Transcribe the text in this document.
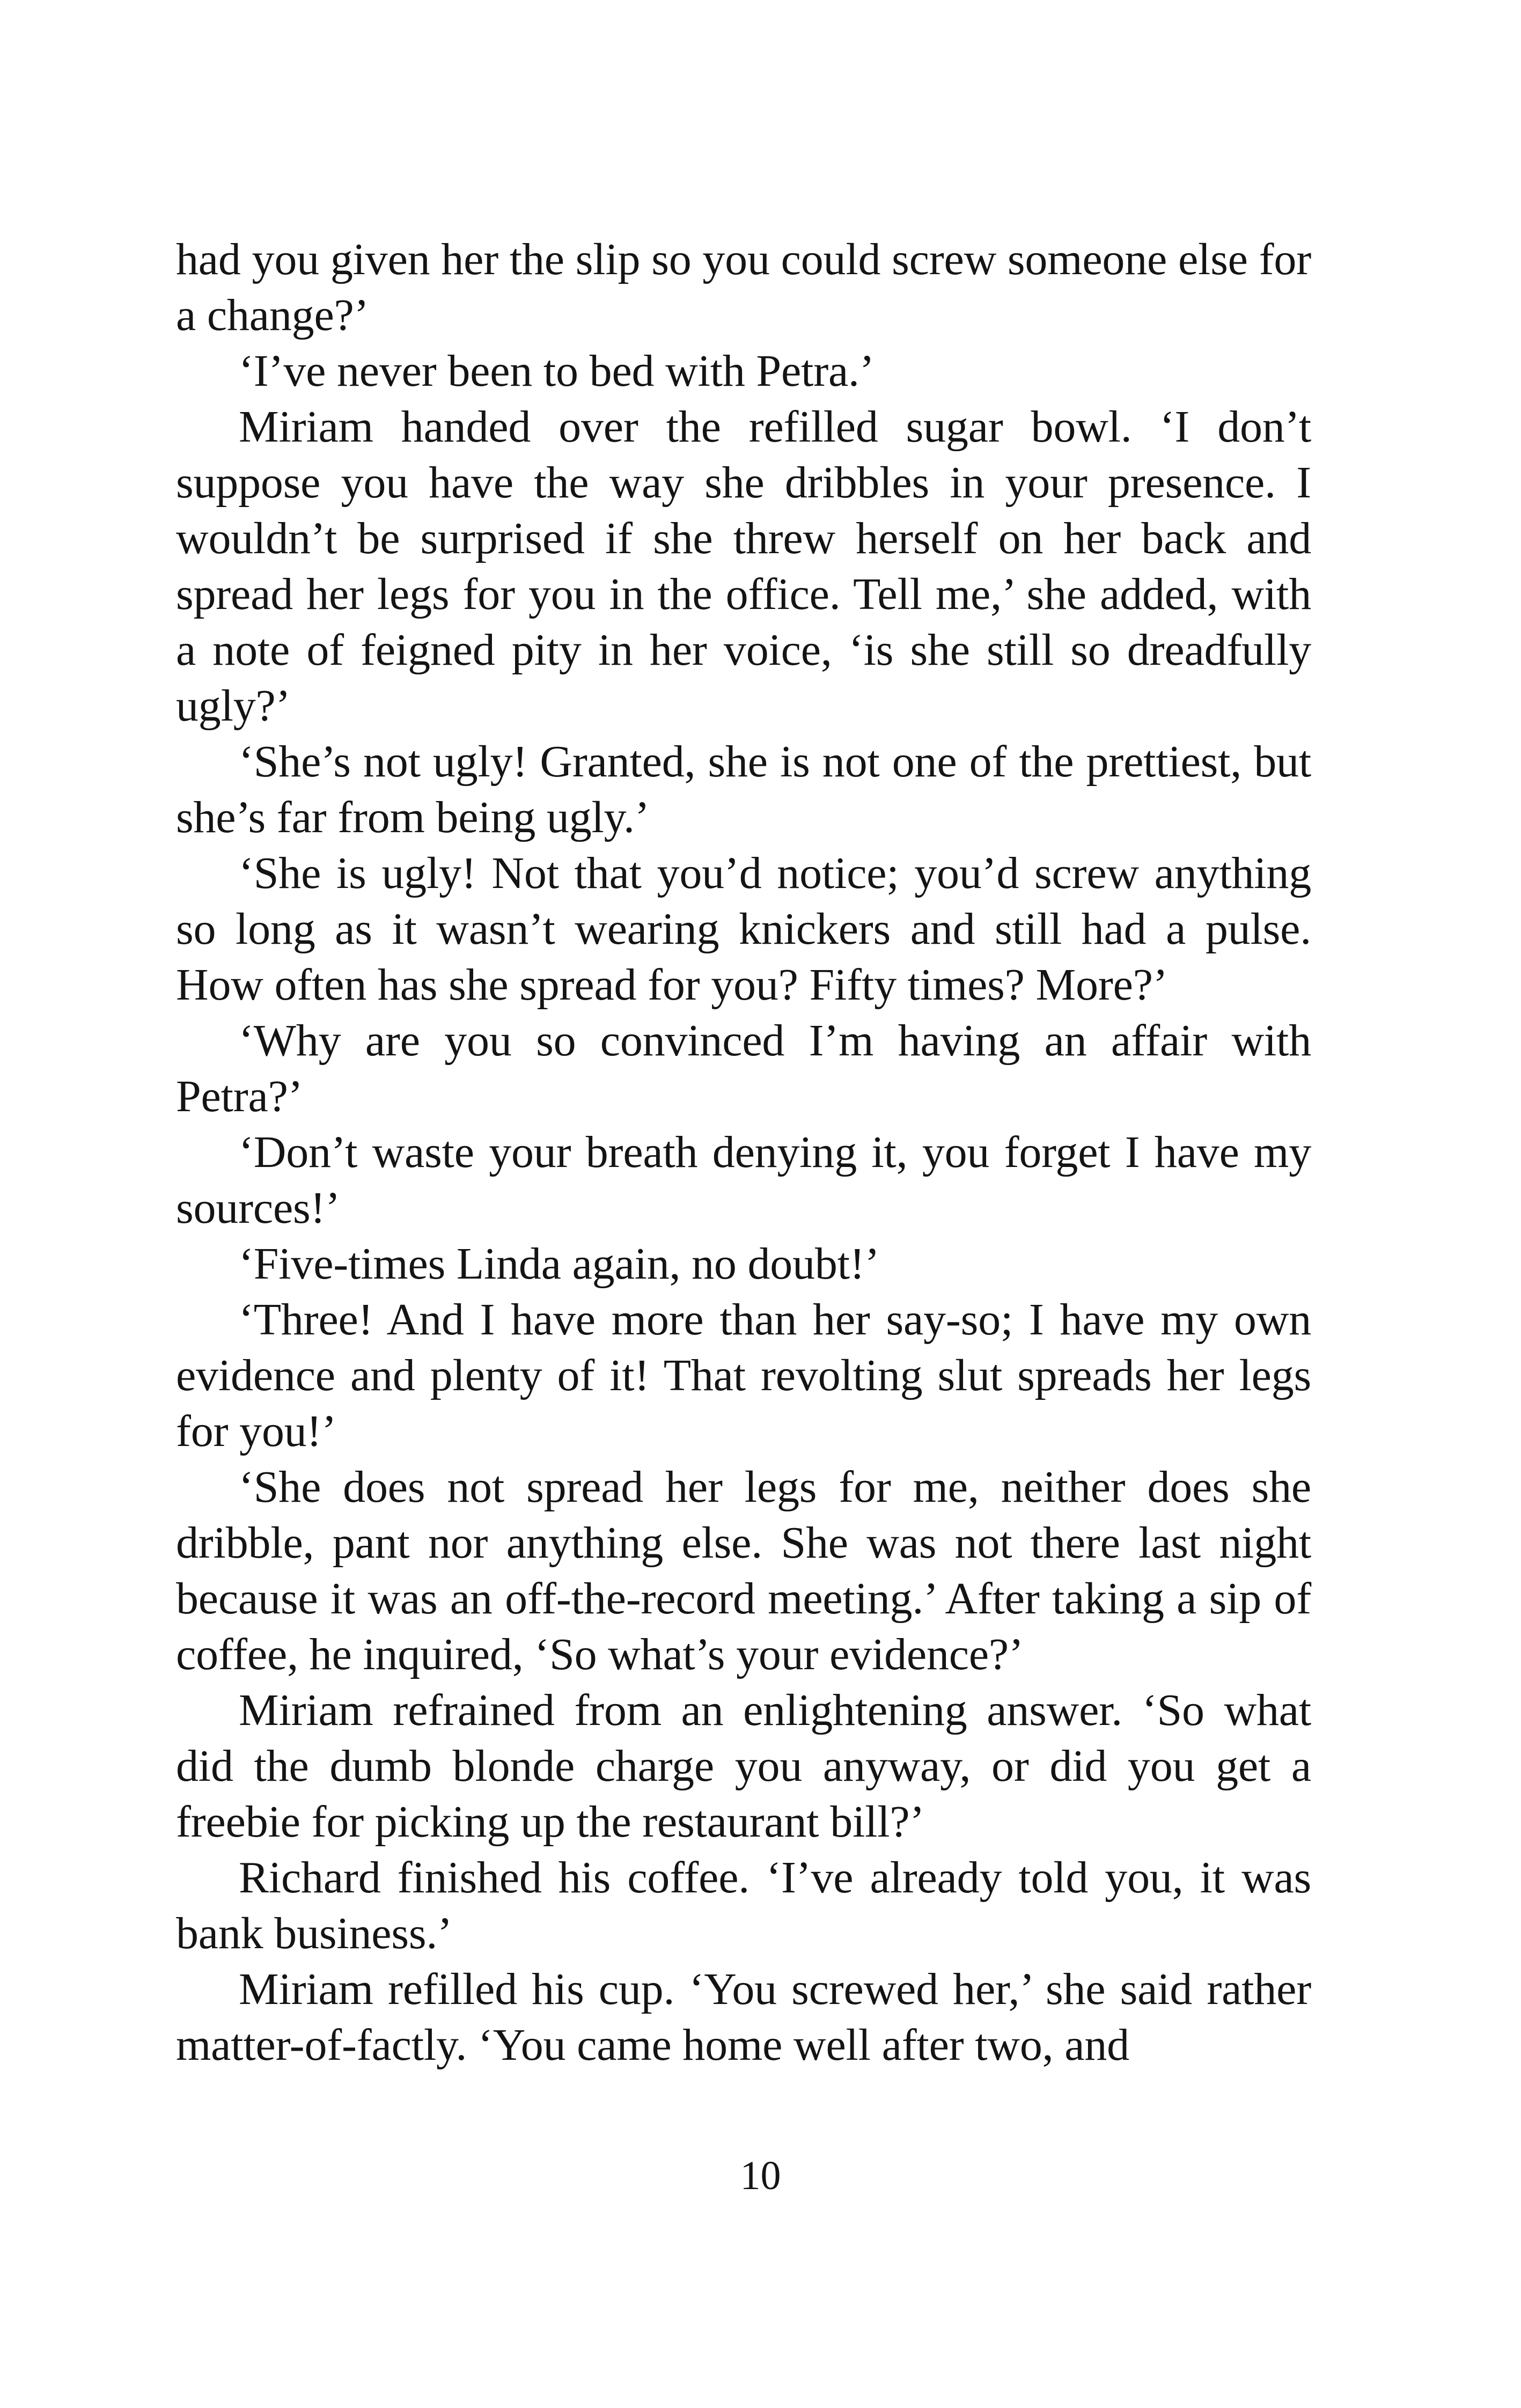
had you given her the slip so you could screw someone else for a change?’

‘I’ve never been to bed with Petra.’

Miriam handed over the refilled sugar bowl. ‘I don’t suppose you have the way she dribbles in your presence. I wouldn’t be surprised if she threw herself on her back and spread her legs for you in the office. Tell me,’ she added, with a note of feigned pity in her voice, ‘is she still so dreadfully ugly?’

‘She’s not ugly! Granted, she is not one of the prettiest, but she’s far from being ugly.’

‘She is ugly! Not that you’d notice; you’d screw anything so long as it wasn’t wearing knickers and still had a pulse. How often has she spread for you? Fifty times? More?’

‘Why are you so convinced I’m having an affair with Petra?’

‘Don’t waste your breath denying it, you forget I have my sources!’

‘Five-times Linda again, no doubt!’

‘Three! And I have more than her say-so; I have my own evidence and plenty of it! That revolting slut spreads her legs for you!’

‘She does not spread her legs for me, neither does she dribble, pant nor anything else. She was not there last night because it was an off-the-record meeting.’ After taking a sip of coffee, he inquired, ‘So what’s your evidence?’

Miriam refrained from an enlightening answer. ‘So what did the dumb blonde charge you anyway, or did you get a freebie for picking up the restaurant bill?’

Richard finished his coffee. ‘I’ve already told you, it was bank business.’

Miriam refilled his cup. ‘You screwed her,’ she said rather matter-of-factly. ‘You came home well after two, and

10
